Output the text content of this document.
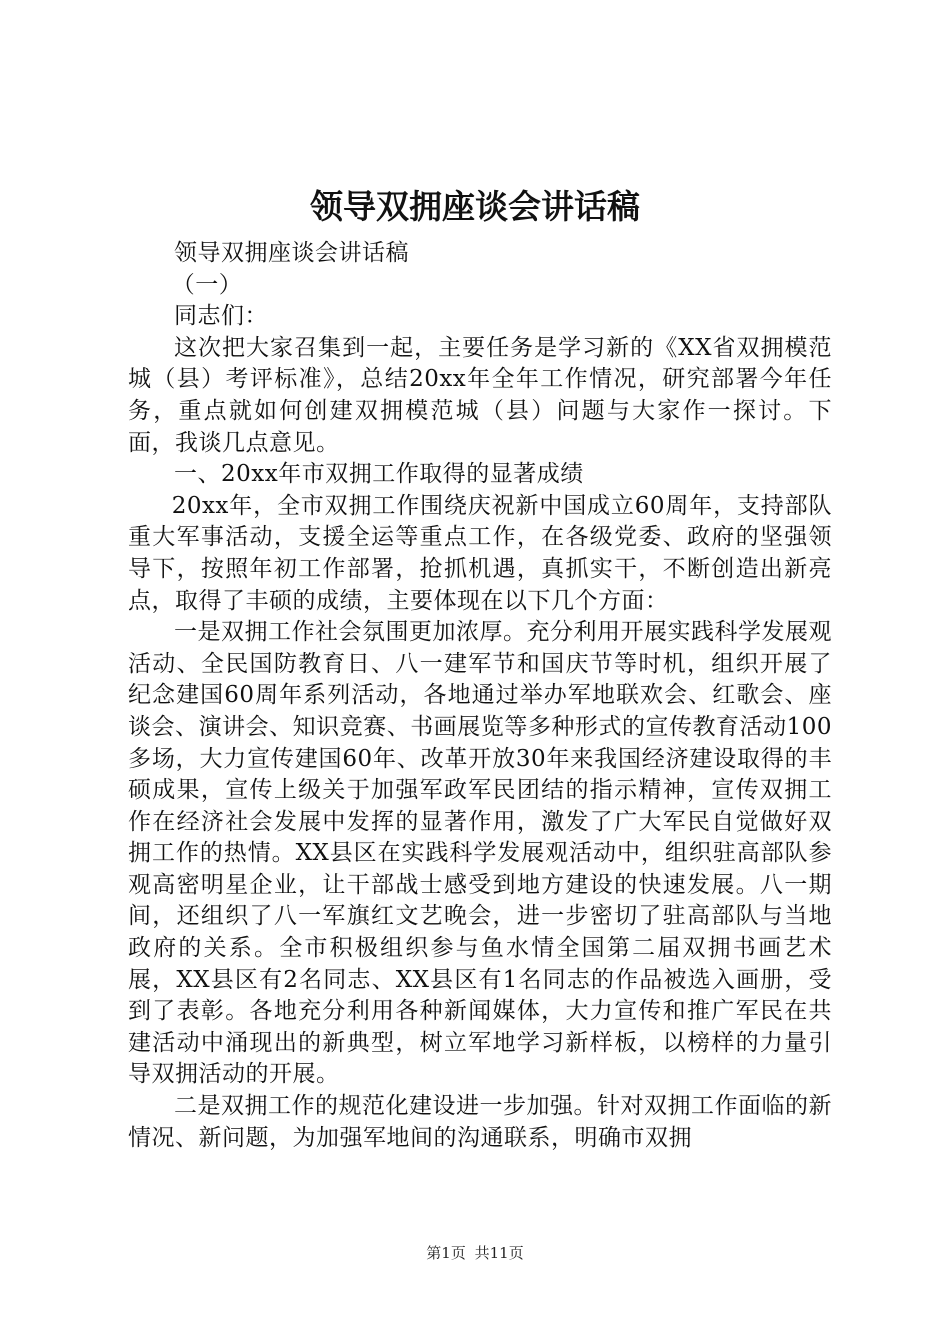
领导双拥座谈会讲话稿

领导双拥座谈会讲话稿

（一）

同志们：

这次把大家召集到一起，主要任务是学习新的《XX省双拥模范城（县）考评标准》，总结20xx年全年工作情况，研究部署今年任务，重点就如何创建双拥模范城（县）问题与大家作一探讨。下面，我谈几点意见。

一、20xx年市双拥工作取得的显著成绩

20xx年，全市双拥工作围绕庆祝新中国成立60周年，支持部队重大军事活动，支援全运等重点工作，在各级党委、政府的坚强领导下，按照年初工作部署，抢抓机遇，真抓实干，不断创造出新亮点，取得了丰硕的成绩，主要体现在以下几个方面：

一是双拥工作社会氛围更加浓厚。充分利用开展实践科学发展观活动、全民国防教育日、八一建军节和国庆节等时机，组织开展了纪念建国60周年系列活动，各地通过举办军地联欢会、红歌会、座谈会、演讲会、知识竞赛、书画展览等多种形式的宣传教育活动100多场，大力宣传建国60年、改革开放30年来我国经济建设取得的丰硕成果，宣传上级关于加强军政军民团结的指示精神，宣传双拥工作在经济社会发展中发挥的显著作用，激发了广大军民自觉做好双拥工作的热情。XX县区在实践科学发展观活动中，组织驻高部队参观高密明星企业，让干部战士感受到地方建设的快速发展。八一期间，还组织了八一军旗红文艺晚会，进一步密切了驻高部队与当地政府的关系。全市积极组织参与鱼水情全国第二届双拥书画艺术展，XX县区有2名同志、XX县区有1名同志的作品被选入画册，受到了表彰。各地充分利用各种新闻媒体，大力宣传和推广军民在共建活动中涌现出的新典型，树立军地学习新样板，以榜样的力量引导双拥活动的开展。

二是双拥工作的规范化建设进一步加强。针对双拥工作面临的新情况、新问题，为加强军地间的沟通联系，明确市双拥

第1页 共11页
